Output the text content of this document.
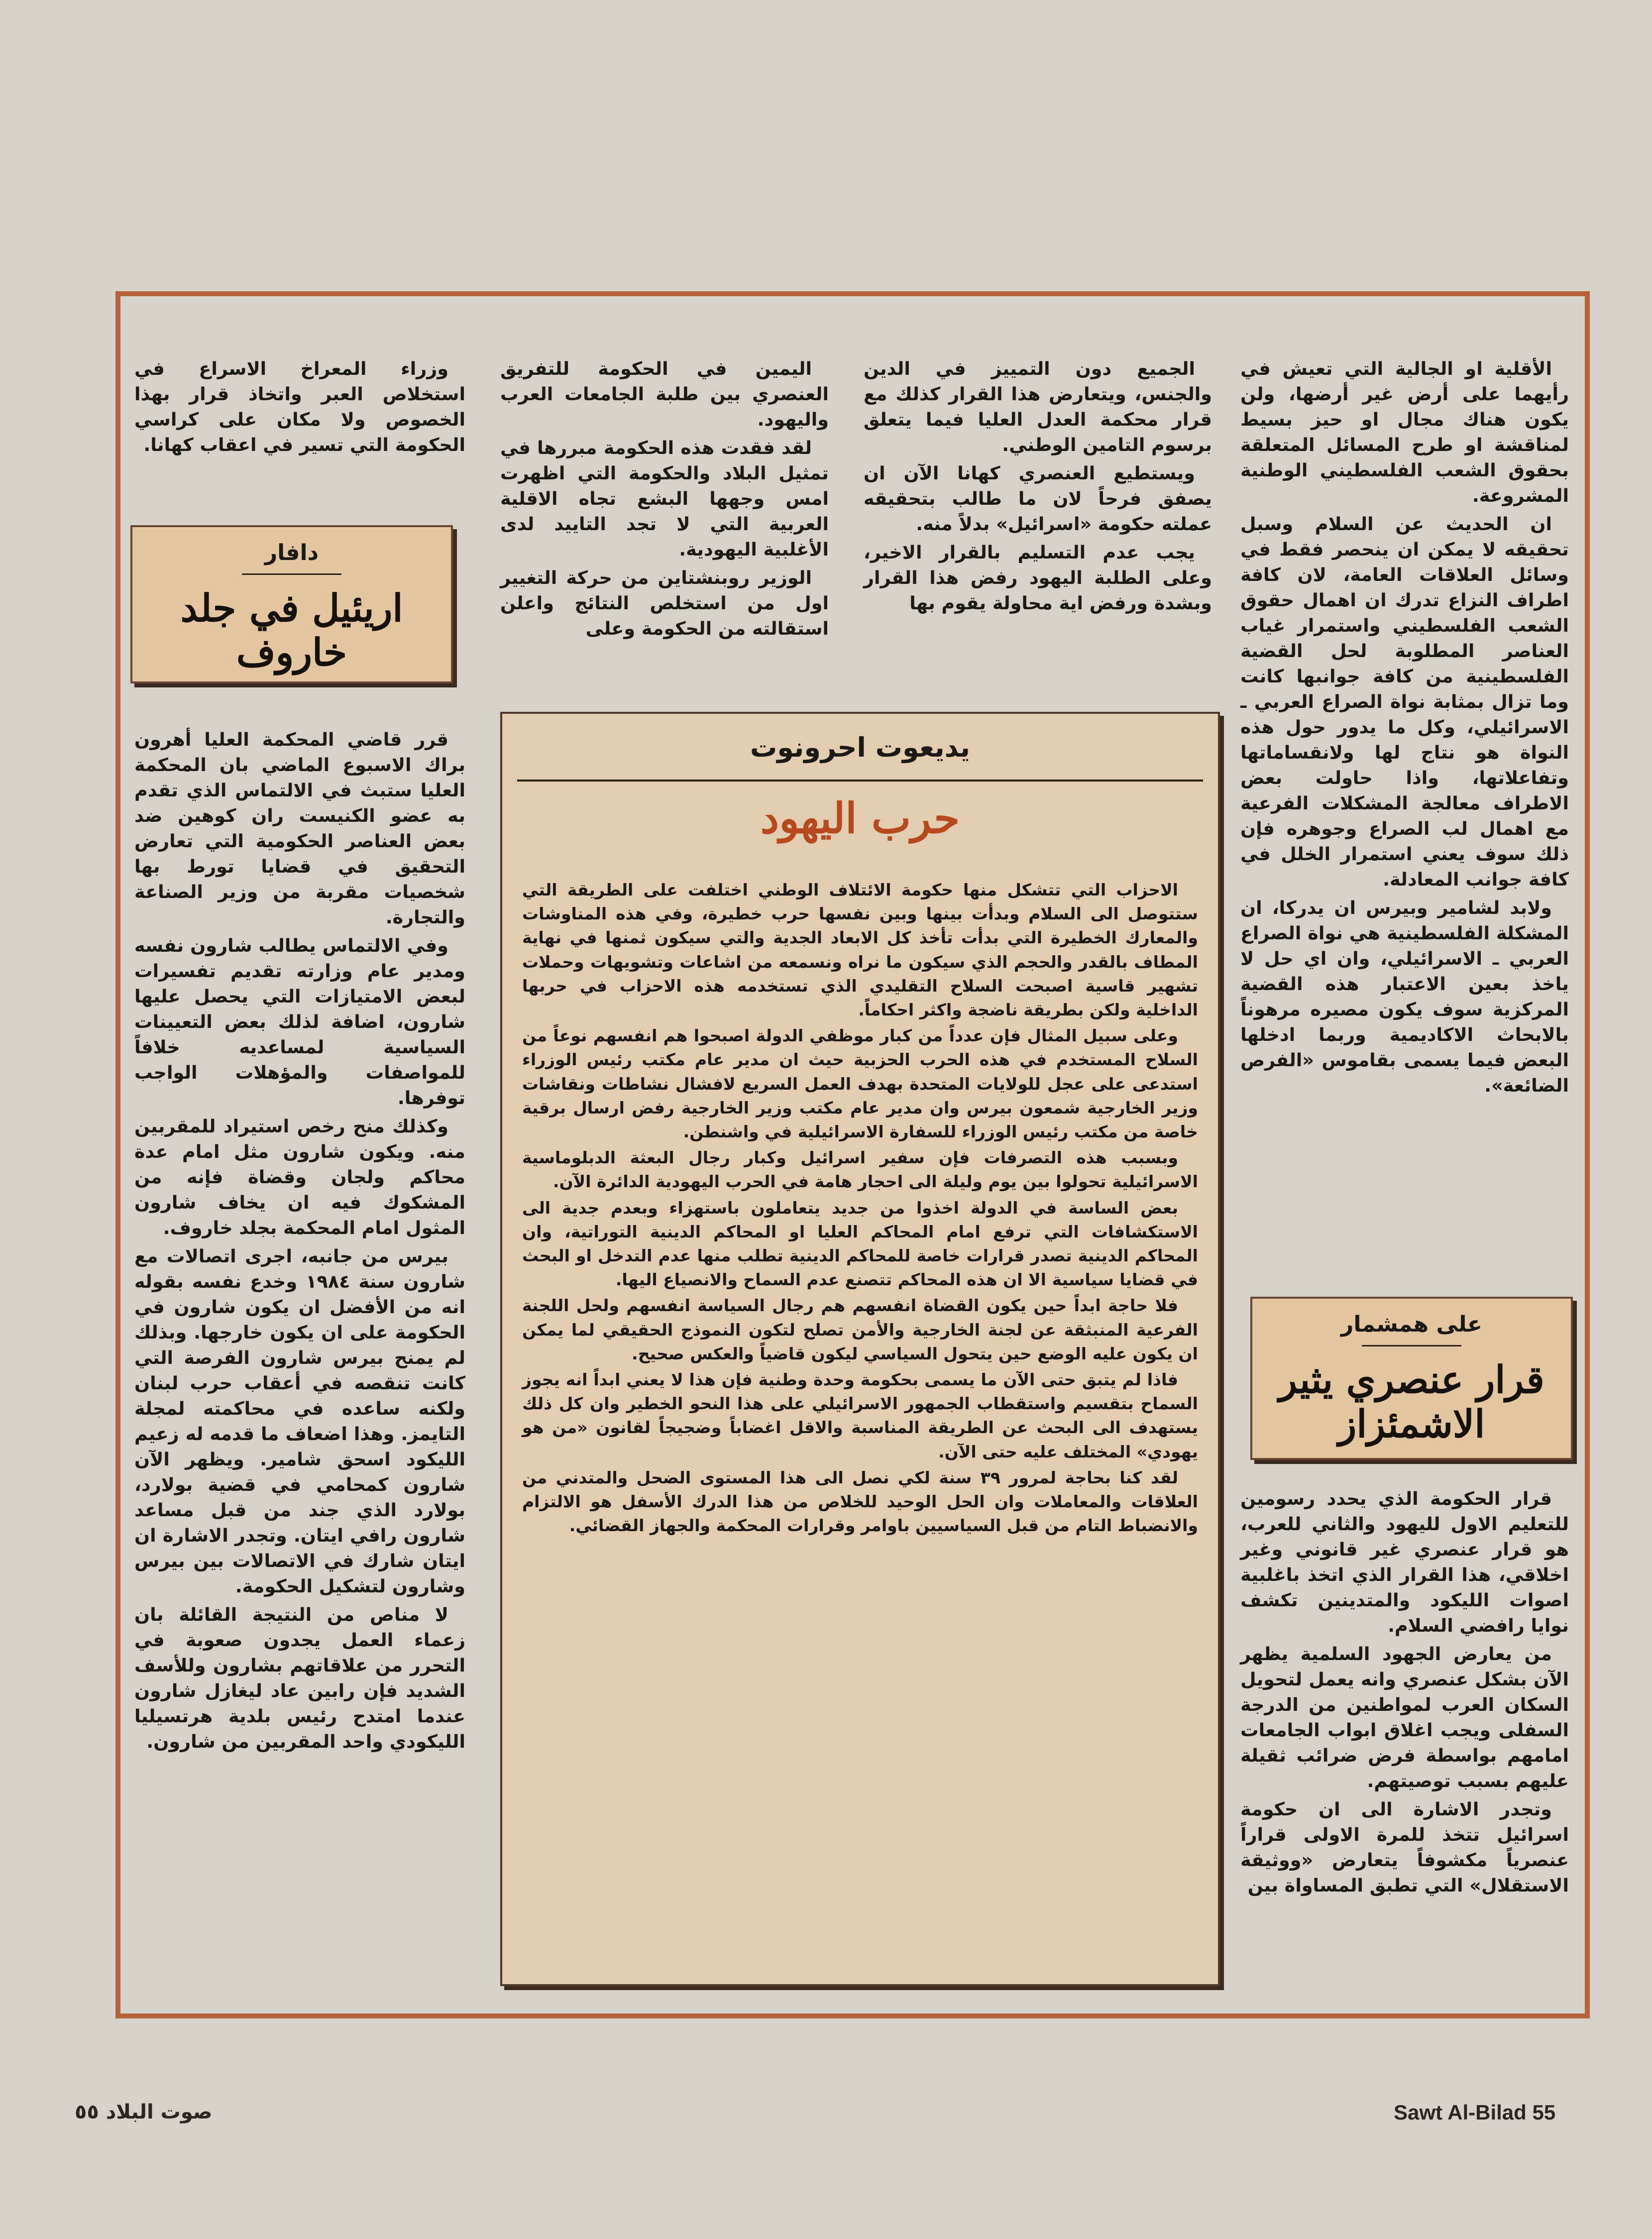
الأقلية او الجالية التي تعيش في رأيهما على أرض غير أرضها، ولن يكون هناك مجال او حيز بسيط لمناقشة او طرح المسائل المتعلقة بحقوق الشعب الفلسطيني الوطنية المشروعة.

ان الحديث عن السلام وسبل تحقيقه لا يمكن ان ينحصر فقط في وسائل العلاقات العامة، لان كافة اطراف النزاع تدرك ان اهمال حقوق الشعب الفلسطيني واستمرار غياب العناصر المطلوبة لحل القضية الفلسطينية من كافة جوانبها كانت وما تزال بمثابة نواة الصراع العربي ـ الاسرائيلي، وكل ما يدور حول هذه النواة هو نتاج لها ولانقساماتها وتفاعلاتها، واذا حاولت بعض الاطراف معالجة المشكلات الفرعية مع اهمال لب الصراع وجوهره فإن ذلك سوف يعني استمرار الخلل في كافة جوانب المعادلة.

ولابد لشامير وبيرس ان يدركا، ان المشكلة الفلسطينية هي نواة الصراع العربي ـ الاسرائيلي، وان اي حل لا ياخذ بعين الاعتبار هذه القضية المركزية سوف يكون مصيره مرهوناً بالابحاث الاكاديمية وربما ادخلها البعض فيما يسمى بقاموس «الفرص الضائعة».

على همشمار
قرار عنصري يثير الاشمئزاز

قرار الحكومة الذي يحدد رسومين للتعليم الاول لليهود والثاني للعرب، هو قرار عنصري غير قانوني وغير اخلاقي، هذا القرار الذي اتخذ باغلبية اصوات الليكود والمتدينين تكشف نوايا رافضي السلام.

من يعارض الجهود السلمية يظهر الآن بشكل عنصري وانه يعمل لتحويل السكان العرب لمواطنين من الدرجة السفلى ويجب اغلاق ابواب الجامعات امامهم بواسطة فرض ضرائب ثقيلة عليهم بسبب توصيتهم.

وتجدر الاشارة الى ان حكومة اسرائيل تتخذ للمرة الاولى قراراً عنصرياً مكشوفاً يتعارض «ووثيقة الاستقلال» التي تطبق المساواة بين

الجميع دون التمييز في الدين والجنس، ويتعارض هذا القرار كذلك مع قرار محكمة العدل العليا فيما يتعلق برسوم التامين الوطني.

ويستطيع العنصري كهانا الآن ان يصفق فرحاً لان ما طالب بتحقيقه عملته حكومة «اسرائيل» بدلاً منه.

يجب عدم التسليم بالقرار الاخير، وعلى الطلبة اليهود رفض هذا القرار وبشدة ورفض اية محاولة يقوم بها

اليمين في الحكومة للتفريق العنصري بين طلبة الجامعات العرب واليهود.

لقد فقدت هذه الحكومة مبررها في تمثيل البلاد والحكومة التي اظهرت امس وجهها البشع تجاه الاقلية العربية التي لا تجد التاييد لدى الأغلبية اليهودية.

الوزير روبنشتاين من حركة التغيير اول من استخلص النتائج واعلن استقالته من الحكومة وعلى

وزراء المعراخ الاسراع في استخلاص العبر واتخاذ قرار بهذا الخصوص ولا مكان على كراسي الحكومة التي تسير في اعقاب كهانا.

دافار
اريئيل في جلد خاروف

قرر قاضي المحكمة العليا أهرون براك الاسبوع الماضي بان المحكمة العليا ستبث في الالتماس الذي تقدم به عضو الكنيست ران كوهين ضد بعض العناصر الحكومية التي تعارض التحقيق في قضايا تورط بها شخصيات مقربة من وزير الصناعة والتجارة.

وفي الالتماس يطالب شارون نفسه ومدير عام وزارته تقديم تفسيرات لبعض الامتيازات التي يحصل عليها شارون، اضافة لذلك بعض التعيينات السياسية لمساعديه خلافاً للمواصفات والمؤهلات الواجب توفرها.

وكذلك منح رخص استيراد للمقربين منه. ويكون شارون مثل امام عدة محاكم ولجان وقضاة فإنه من المشكوك فيه ان يخاف شارون المثول امام المحكمة بجلد خاروف.

بيرس من جانبه، اجرى اتصالات مع شارون سنة ١٩٨٤ وخدع نفسه بقوله انه من الأفضل ان يكون شارون في الحكومة على ان يكون خارجها. وبذلك لم يمنح بيرس شارون الفرصة التي كانت تنقصه في أعقاب حرب لبنان ولكنه ساعده في محاكمته لمجلة التايمز. وهذا اضعاف ما قدمه له زعيم الليكود اسحق شامير. ويظهر الآن شارون كمحامي في قضية بولارد، بولارد الذي جند من قبل مساعد شارون رافي ايتان. وتجدر الاشارة ان ايتان شارك في الاتصالات بين بيرس وشارون لتشكيل الحكومة.

لا مناص من النتيجة القائلة بان زعماء العمل يجدون صعوبة في التحرر من علاقاتهم بشارون وللأسف الشديد فإن رابين عاد ليغازل شارون عندما امتدح رئيس بلدية هرتسيليا الليكودي واحد المقربين من شارون.

يديعوت احرونوت
حرب اليهود

الاحزاب التي تتشكل منها حكومة الائتلاف الوطني اختلفت على الطريقة التي ستتوصل الى السلام وبدأت بينها وبين نفسها حرب خطيرة، وفي هذه المناوشات والمعارك الخطيرة التي بدأت تأخذ كل الابعاد الجدية والتي سيكون ثمنها في نهاية المطاف بالقدر والحجم الذي سيكون ما نراه ونسمعه من اشاعات وتشويهات وحملات تشهير قاسية اصبحت السلاح التقليدي الذي تستخدمه هذه الاحزاب في حربها الداخلية ولكن بطريقة ناضجة واكثر احكاماً.

وعلى سبيل المثال فإن عدداً من كبار موظفي الدولة اصبحوا هم انفسهم نوعاً من السلاح المستخدم في هذه الحرب الحزبية حيث ان مدير عام مكتب رئيس الوزراء استدعى على عجل للولايات المتحدة بهدف العمل السريع لافشال نشاطات ونقاشات وزير الخارجية شمعون بيرس وان مدير عام مكتب وزير الخارجية رفض ارسال برقية خاصة من مكتب رئيس الوزراء للسفارة الاسرائيلية في واشنطن.

وبسبب هذه التصرفات فإن سفير اسرائيل وكبار رجال البعثة الدبلوماسية الاسرائيلية تحولوا بين يوم وليلة الى احجار هامة في الحرب اليهودية الدائرة الآن.

بعض الساسة في الدولة اخذوا من جديد يتعاملون باستهزاء وبعدم جدية الى الاستكشافات التي ترفع امام المحاكم العليا او المحاكم الدينية التوراتية، وان المحاكم الدينية تصدر قرارات خاصة للمحاكم الدينية تطلب منها عدم التدخل او البحث في قضايا سياسية الا ان هذه المحاكم تتصنع عدم السماح والانصياع اليها.

فلا حاجة ابداً حين يكون القضاة انفسهم هم رجال السياسة انفسهم ولحل اللجنة الفرعية المنبثقة عن لجنة الخارجية والأمن تصلح لتكون النموذج الحقيقي لما يمكن ان يكون عليه الوضع حين يتحول السياسي ليكون قاضياً والعكس صحيح.

فاذا لم يتبق حتى الآن ما يسمى بحكومة وحدة وطنية فإن هذا لا يعني ابداً انه يجوز السماح بتقسيم واستقطاب الجمهور الاسرائيلي على هذا النحو الخطير وان كل ذلك يستهدف الى البحث عن الطريقة المناسبة والاقل اغضاباً وضجيجاً لقانون «من هو يهودي» المختلف عليه حتى الآن.

لقد كنا بحاجة لمرور ٣٩ سنة لكي نصل الى هذا المستوى الضحل والمتدني من العلاقات والمعاملات وان الحل الوحيد للخلاص من هذا الدرك الأسفل هو الالتزام والانضباط التام من قبل السياسيين باوامر وقرارات المحكمة والجهاز القضائي.

صوت البلاد ٥٥	Sawt Al-Bilad 55
